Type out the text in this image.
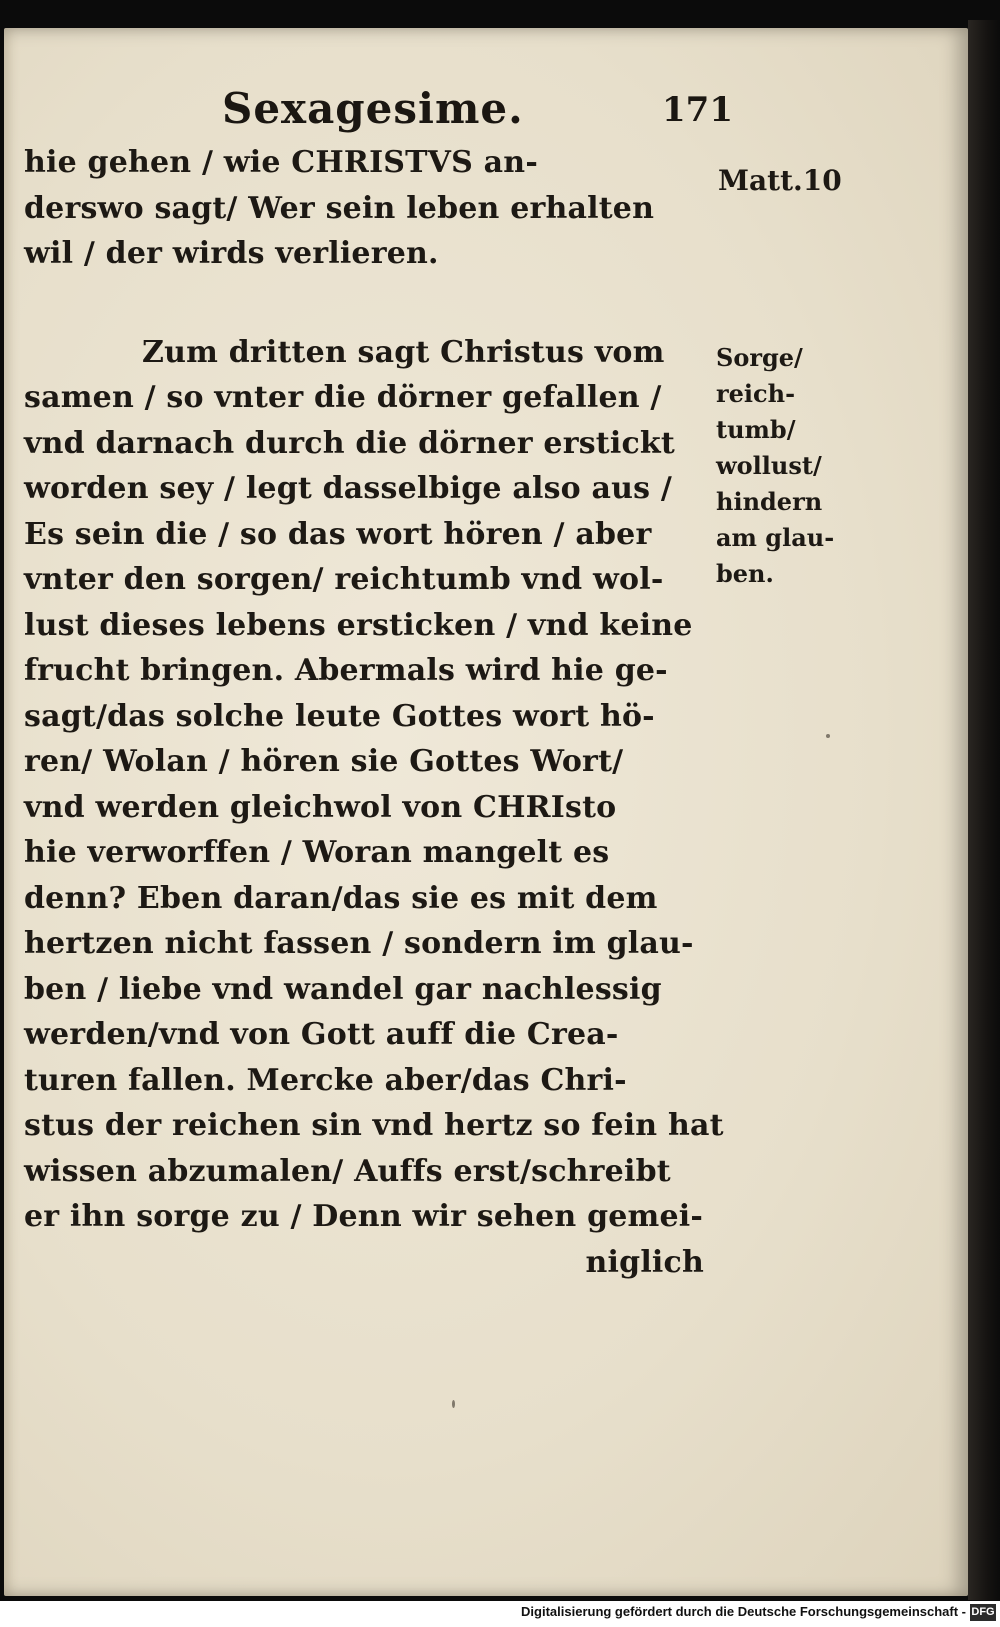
Sexagesime.	171
hie gehen / wie CHRISTVS an-
derswo sagt/ Wer sein leben erhalten
wil / der wirds verlieren.
Zum dritten sagt Christus vom
samen / so vnter die dörner gefallen /
vnd darnach durch die dörner erstickt
worden sey / legt dasselbige also aus /
Es sein die / so das wort hören / aber
vnter den sorgen/ reichtumb vnd wol-
lust dieses lebens ersticken / vnd keine
frucht bringen. Abermals wird hie ge-
sagt/das solche leute Gottes wort hö-
ren/ Wolan / hören sie Gottes Wort/
vnd werden gleichwol von CHRIsto
hie verworffen / Woran mangelt es
denn? Eben daran/das sie es mit dem
hertzen nicht fassen / sondern im glau-
ben / liebe vnd wandel gar nachlessig
werden/vnd von Gott auff die Crea-
turen fallen. Mercke aber/das Chri-
stus der reichen sin vnd hertz so fein hat
wissen abzumalen/ Auffs erst/schreibt
er ihn sorge zu / Denn wir sehen gemei-
niglich
Matt.10
Sorge/
reich-
tumb/
wollust/
hindern
am glau-
ben.
Digitalisierung gefördert durch die Deutsche Forschungsgemeinschaft - DFG
